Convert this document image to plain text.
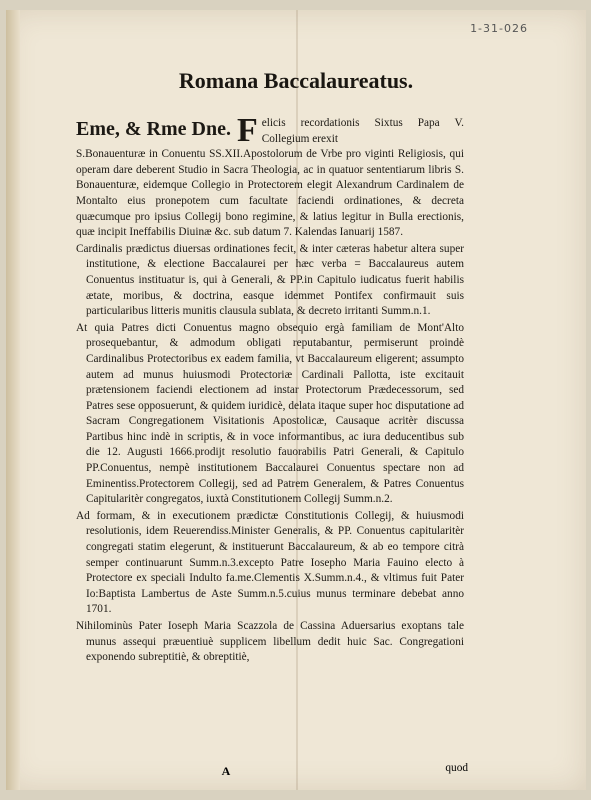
1-31-026
Romana Baccalaureatus.
Eme, & Rme Dne. F elicis recordationis Sixtus Papa V. Collegium erexit

S.Bonauenturæ in Conuentu SS.XII.Apostolorum de Vrbe pro viginti Religiosis, qui operam dare deberent Studio in Sacra Theologia, ac in quatuor sententiarum libris S. Bonauenturæ, eidemque Collegio in Protectorem elegit Alexandrum Cardinalem de Montalto eius pronepotem cum facultate faciendi ordinationes, & decreta quæcumque pro ipsius Collegij bono regimine, & latius legitur in Bulla erectionis, quæ incipit Ineffabilis Diuinæ &c. sub datum 7. Kalendas Ianuarij 1587.

Cardinalis prædictus diuersas ordinationes fecit, & inter cæteras habetur altera super institutione, & electione Baccalaurei per hæc verba = Baccalaureus autem Conuentus instituatur is, qui à Generali, & PP.in Capitulo iudicatus fuerit habilis ætate, moribus, & doctrina, easque idemmet Pontifex confirmauit suis particularibus litteris munitis clausula sublata, & decreto irritanti Summ.n.1.

At quia Patres dicti Conuentus magno obsequio ergà familiam de Mont'Alto prosequebantur, & admodum obligati reputabantur, permiserunt proindè Cardinalibus Protectoribus ex eadem familia, vt Baccalaureum eligerent; assumpto autem ad munus huiusmodi Protectoriæ Cardinali Pallotta, iste excitauit prætensionem faciendi electionem ad instar Protectorum Prædecessorum, sed Patres sese opposuerunt, & quidem iuridicè, delata itaque super hoc disputatione ad Sacram Congregationem Visitationis Apostolicæ, Causaque acritèr discussa Partibus hinc indè in scriptis, & in voce informantibus, ac iura deducentibus sub die 12. Augusti 1666.prodijt resolutio fauorabilis Patri Generali, & Capitulo PP.Conuentus, nempè institutionem Baccalaurei Conuentus spectare non ad Eminentiss.Protectorem Collegij, sed ad Patrem Generalem, & Patres Conuentus Capitularitèr congregatos, iuxtà Constitutionem Collegij Summ.n.2.

Ad formam, & in executionem prædictæ Constitutionis Collegij, & huiusmodi resolutionis, idem Reuerendiss.Minister Generalis, & PP. Conuentus capitularitèr congregati statim elegerunt, & instituerunt Baccalaureum, & ab eo tempore citrà semper continuarunt Summ.n.3.excepto Patre Iosepho Maria Fauino electo à Protectore ex speciali Indulto fa.me.Clementis X.Summ.n.4., & vltimus fuit Pater Io:Baptista Lambertus de Aste Summ.n.5.cuius munus terminare debebat anno 1701.

Nihilominùs Pater Ioseph Maria Scazzola de Cassina Aduersarius exoptans tale munus assequi præuentiuè supplicem libellum dedit huic Sac. Congregationi exponendo subreptitiè, & obreptitiè,

A	quod
